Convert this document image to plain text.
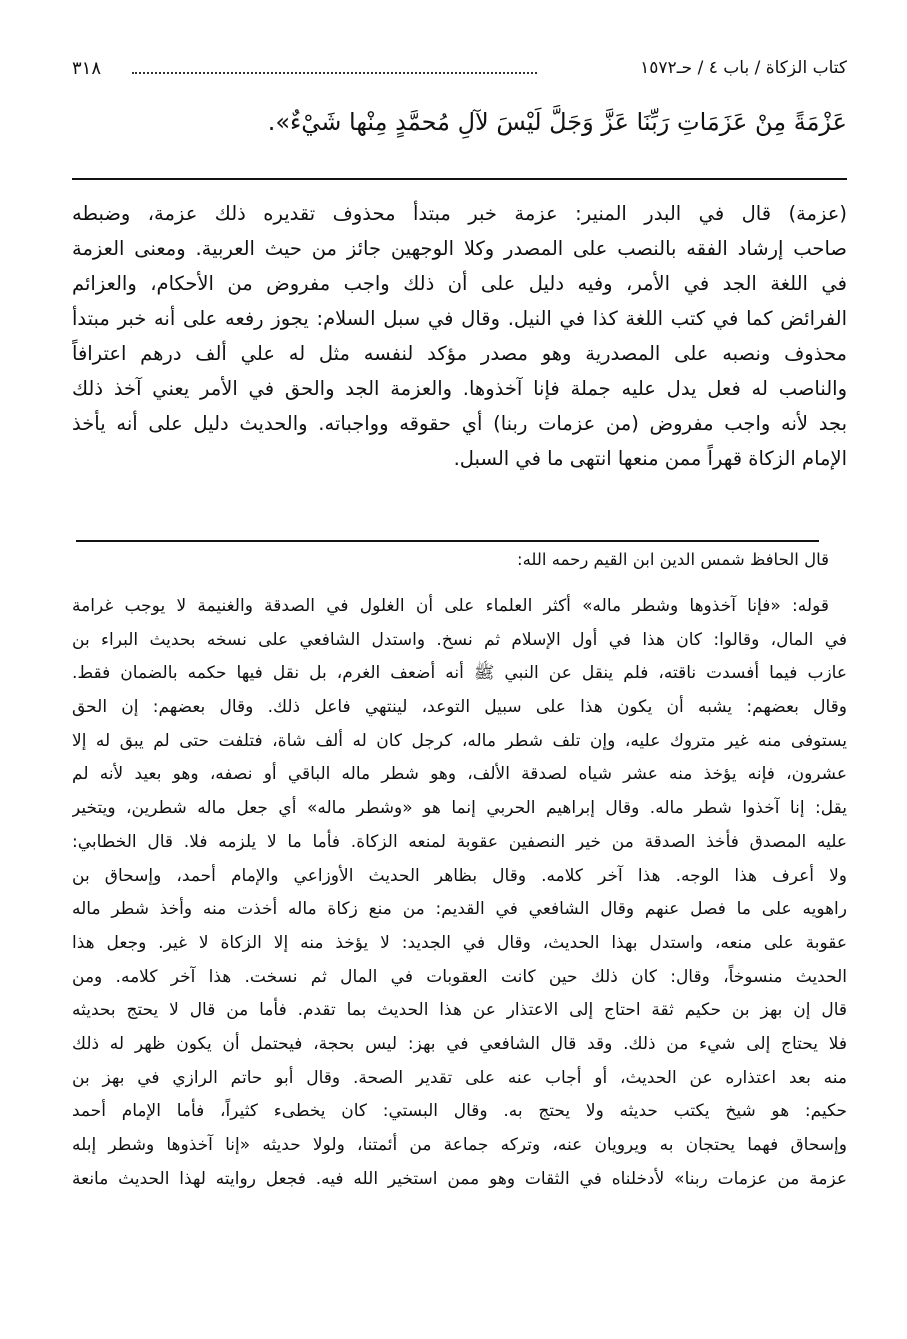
٣١٨	كتاب الزكاة / باب ٤ / حـ١٥٧٢
عَزْمَةً مِنْ عَزَمَاتِ رَبِّنَا عَزَّ وَجَلَّ لَيْسَ لآلِ مُحمَّدٍ مِنْها شَيْءٌ».
(عزمة) قال في البدر المنير: عزمة خبر مبتدأ محذوف تقديره ذلك عزمة، وضبطه
صاحب إرشاد الفقه بالنصب على المصدر وكلا الوجهين جائز من حيث العربية. ومعنى العزمة
في اللغة الجد في الأمر، وفيه دليل على أن ذلك واجب مفروض من الأحكام، والعزائم
الفرائض كما في كتب اللغة كذا في النيل. وقال في سبل السلام: يجوز رفعه على أنه خبر مبتدأ
محذوف ونصبه على المصدرية وهو مصدر مؤكد لنفسه مثل له علي ألف درهم اعترافاً
والناصب له فعل يدل عليه جملة فإنا آخذوها. والعزمة الجد والحق في الأمر يعني آخذ ذلك
بجد لأنه واجب مفروض (من عزمات ربنا) أي حقوقه وواجباته. والحديث دليل على أنه يأخذ
الإمام الزكاة قهراً ممن منعها انتهى ما في السبل.
قال الحافظ شمس الدين ابن القيم رحمه الله:
قوله: «فإنا آخذوها وشطر ماله» أكثر العلماء على أن الغلول في الصدقة والغنيمة لا يوجب غرامة
في المال، وقالوا: كان هذا في أول الإسلام ثم نسخ. واستدل الشافعي على نسخه بحديث البراء بن
عازب فيما أفسدت ناقته، فلم ينقل عن النبي ﷺ أنه أضعف الغرم، بل نقل فيها حكمه بالضمان فقط.
وقال بعضهم: يشبه أن يكون هذا على سبيل التوعد، لينتهي فاعل ذلك. وقال بعضهم: إن الحق
يستوفى منه غير متروك عليه، وإن تلف شطر ماله، كرجل كان له ألف شاة، فتلفت حتى لم يبق له إلا
عشرون، فإنه يؤخذ منه عشر شياه لصدقة الألف، وهو شطر ماله الباقي أو نصفه، وهو بعيد لأنه لم
يقل: إنا آخذوا شطر ماله. وقال إبراهيم الحربي إنما هو «وشطر ماله» أي جعل ماله شطرين، ويتخير
عليه المصدق فأخذ الصدقة من خير النصفين عقوبة لمنعه الزكاة. فأما ما لا يلزمه فلا. قال الخطابي:
ولا أعرف هذا الوجه. هذا آخر كلامه. وقال بظاهر الحديث الأوزاعي والإمام أحمد، وإسحاق بن
راهويه على ما فصل عنهم وقال الشافعي في القديم: من منع زكاة ماله أخذت منه وأخذ شطر ماله
عقوبة على منعه، واستدل بهذا الحديث، وقال في الجديد: لا يؤخذ منه إلا الزكاة لا غير. وجعل هذا
الحديث منسوخاً، وقال: كان ذلك حين كانت العقوبات في المال ثم نسخت. هذا آخر كلامه. ومن
قال إن بهز بن حكيم ثقة احتاج إلى الاعتذار عن هذا الحديث بما تقدم. فأما من قال لا يحتج بحديثه
فلا يحتاج إلى شيء من ذلك. وقد قال الشافعي في بهز: ليس بحجة، فيحتمل أن يكون ظهر له ذلك
منه بعد اعتذاره عن الحديث، أو أجاب عنه على تقدير الصحة. وقال أبو حاتم الرازي في بهز بن
حكيم: هو شيخ يكتب حديثه ولا يحتج به. وقال البستي: كان يخطىء كثيراً، فأما الإمام أحمد
وإسحاق فهما يحتجان به ويرويان عنه، وتركه جماعة من أئمتنا، ولولا حديثه «إنا آخذوها وشطر إبله
عزمة من عزمات ربنا» لأدخلناه في الثقات وهو ممن استخير الله فيه. فجعل روايته لهذا الحديث مانعة
